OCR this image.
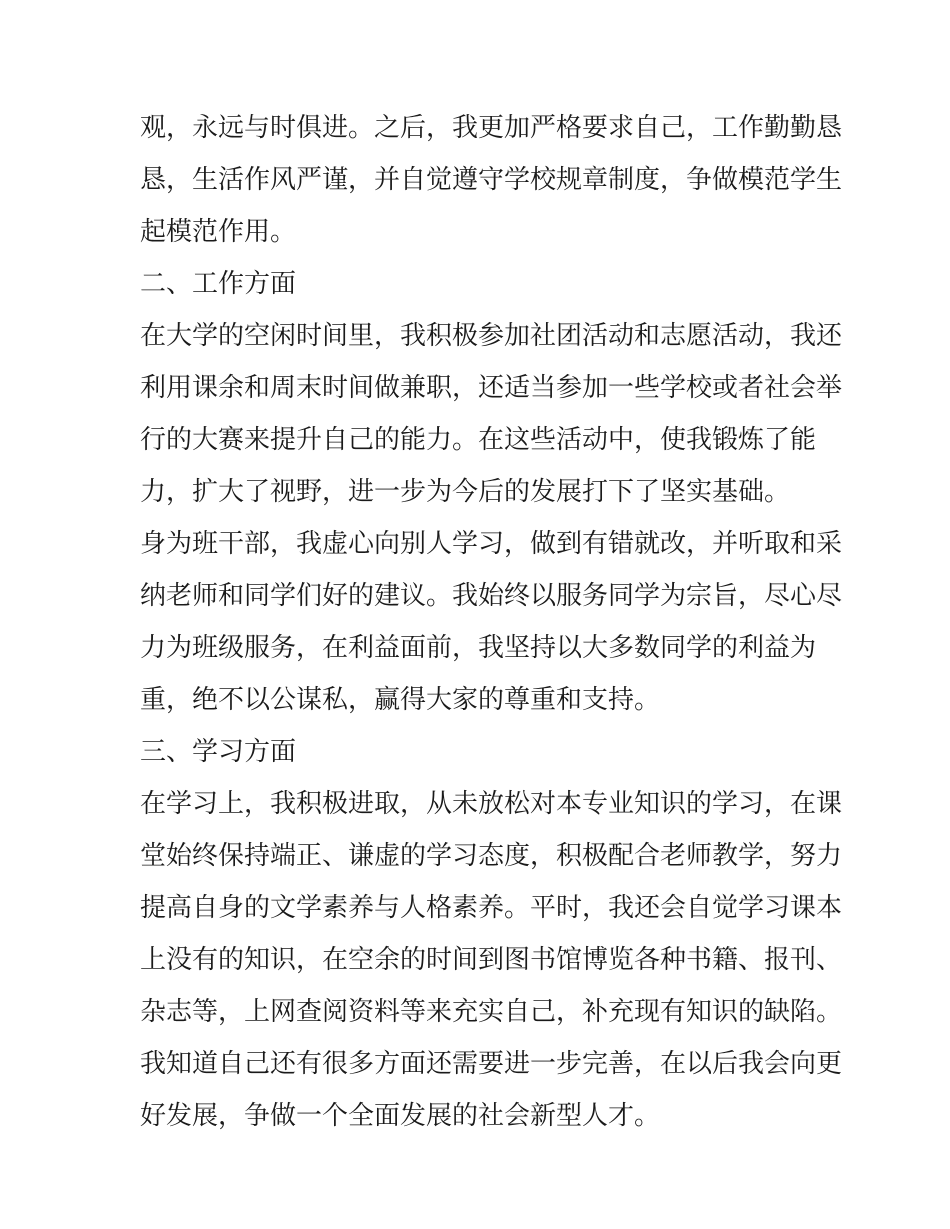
观，永远与时俱进。之后，我更加严格要求自己，工作勤勤恳
恳，生活作风严谨，并自觉遵守学校规章制度，争做模范学生
起模范作用。
二、工作方面
在大学的空闲时间里，我积极参加社团活动和志愿活动，我还
利用课余和周末时间做兼职，还适当参加一些学校或者社会举
行的大赛来提升自己的能力。在这些活动中，使我锻炼了能
力，扩大了视野，进一步为今后的发展打下了坚实基础。
身为班干部，我虚心向别人学习，做到有错就改，并听取和采
纳老师和同学们好的建议。我始终以服务同学为宗旨，尽心尽
力为班级服务，在利益面前，我坚持以大多数同学的利益为
重，绝不以公谋私，赢得大家的尊重和支持。
三、学习方面
在学习上，我积极进取，从未放松对本专业知识的学习，在课
堂始终保持端正、谦虚的学习态度，积极配合老师教学，努力
提高自身的文学素养与人格素养。平时，我还会自觉学习课本
上没有的知识，在空余的时间到图书馆博览各种书籍、报刊、
杂志等，上网查阅资料等来充实自己，补充现有知识的缺陷。
我知道自己还有很多方面还需要进一步完善，在以后我会向更
好发展，争做一个全面发展的社会新型人才。
